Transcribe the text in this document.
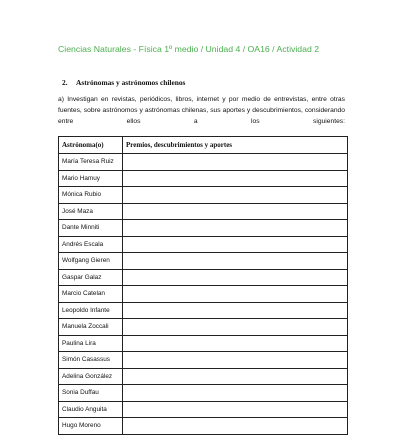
Ciencias Naturales - Física 1º medio / Unidad 4 / OA16 / Actividad 2
2. Astrónomas y astrónomos chilenos

a) Investigan en revistas, periódicos, libros, internet y por medio de entrevistas, entre otras fuentes, sobre astrónomos y astrónomas chilenas, sus aportes y descubrimientos, considerando entre ellos a los siguientes:

Astrónoma(o)	Premios, descubrimientos y aportes
María Teresa Ruiz	
Mario Hamuy	
Mónica Rubio	
José Maza	
Dante Minniti	
Andrés Escala	
Wolfgang Gieren	
Gaspar Galaz	
Marcio Catelan	
Leopoldo Infante	
Manuela Zoccali	
Paulina Lira	
Simón Casassus	
Adelina González	
Sonia Duffau	
Claudio Anguita	
Hugo Moreno	
